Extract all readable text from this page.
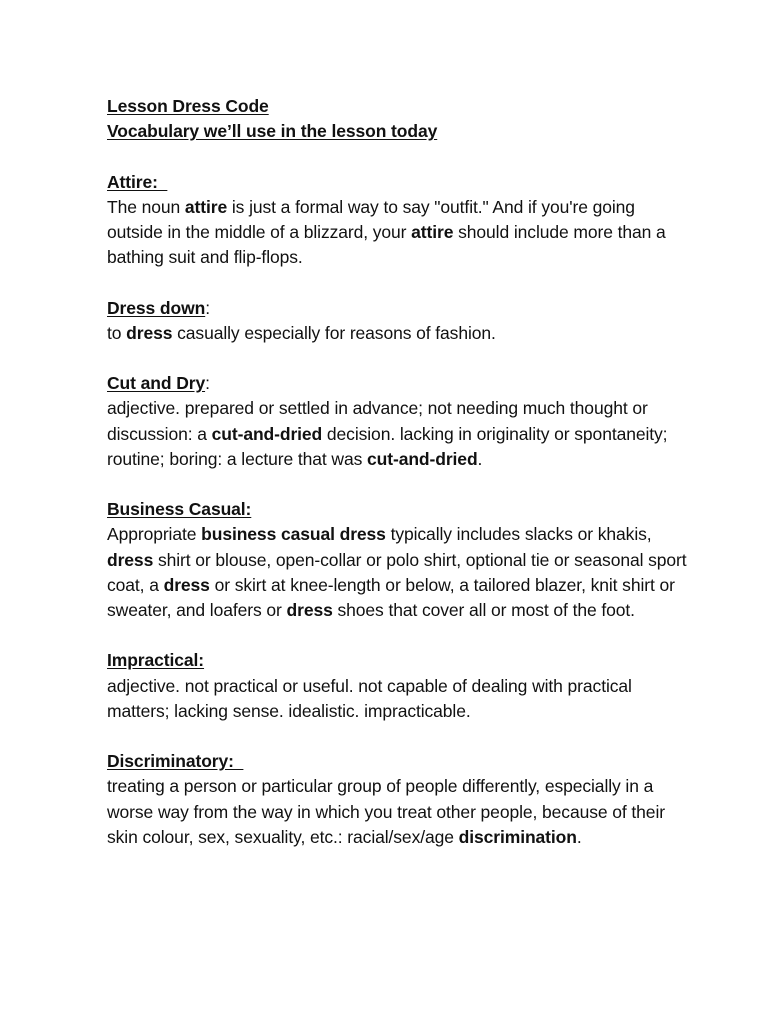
Lesson Dress Code
Vocabulary we’ll use in the lesson today
Attire:
The noun attire is just a formal way to say "outfit." And if you're going outside in the middle of a blizzard, your attire should include more than a bathing suit and flip-flops.
Dress down:
to dress casually especially for reasons of fashion.
Cut and Dry:
adjective. prepared or settled in advance; not needing much thought or discussion: a cut-and-dried decision. lacking in originality or spontaneity; routine; boring: a lecture that was cut-and-dried.
Business Casual:
Appropriate business casual dress typically includes slacks or khakis, dress shirt or blouse, open-collar or polo shirt, optional tie or seasonal sport coat, a dress or skirt at knee-length or below, a tailored blazer, knit shirt or sweater, and loafers or dress shoes that cover all or most of the foot.
Impractical:
adjective. not practical or useful. not capable of dealing with practical matters; lacking sense. idealistic. impracticable.
Discriminatory:
treating a person or particular group of people differently, especially in a worse way from the way in which you treat other people, because of their skin colour, sex, sexuality, etc.: racial/sex/age discrimination.
